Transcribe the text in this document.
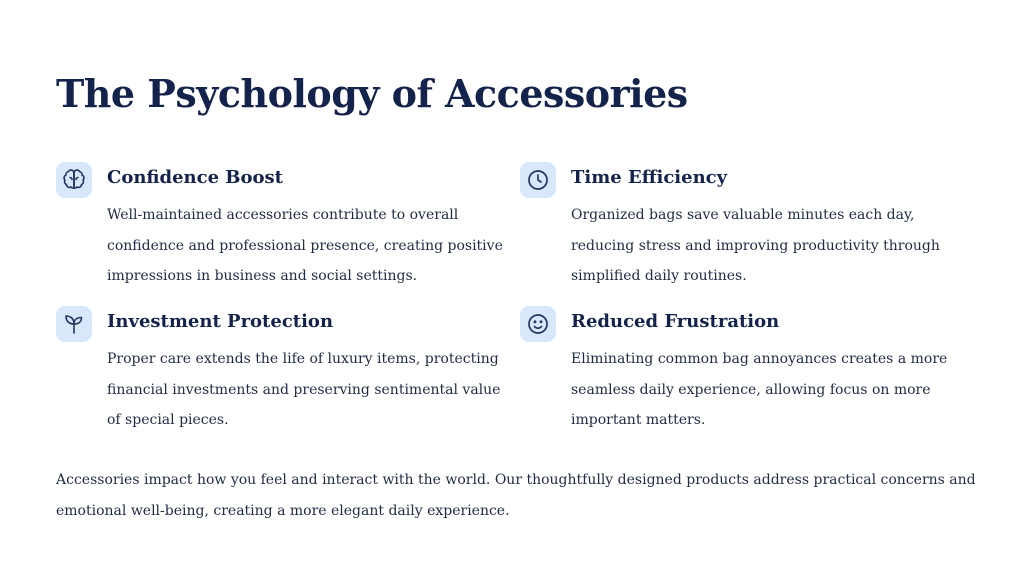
The Psychology of Accessories
Confidence Boost

Well-maintained accessories contribute to overall confidence and professional presence, creating positive impressions in business and social settings.

Time Efficiency

Organized bags save valuable minutes each day, reducing stress and improving productivity through simplified daily routines.

Investment Protection

Proper care extends the life of luxury items, protecting financial investments and preserving sentimental value of special pieces.

Reduced Frustration

Eliminating common bag annoyances creates a more seamless daily experience, allowing focus on more important matters.

Accessories impact how you feel and interact with the world. Our thoughtfully designed products address practical concerns and emotional well-being, creating a more elegant daily experience.
